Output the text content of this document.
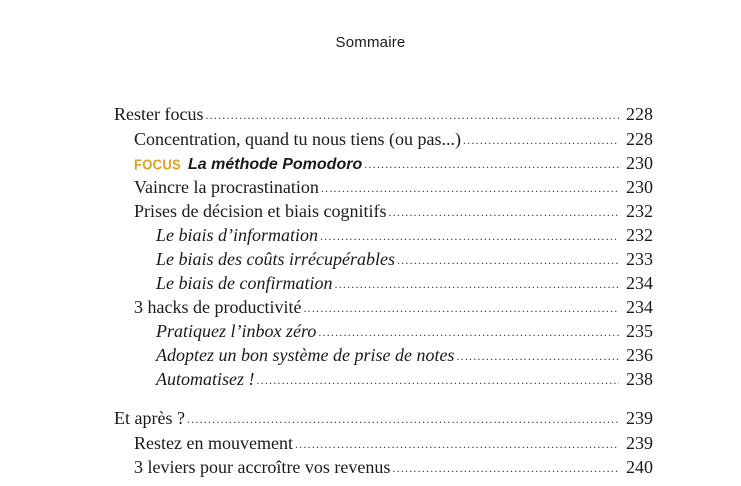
Sommaire
Rester focus .....	228
Concentration, quand tu nous tiens (ou pas...) .....	228
FOCUS La méthode Pomodoro .....	230
Vaincre la procrastination .....	230
Prises de décision et biais cognitifs .....	232
Le biais d’information .....	232
Le biais des coûts irrécupérables .....	233
Le biais de confirmation .....	234
3 hacks de productivité .....	234
Pratiquez l’inbox zéro .....	235
Adoptez un bon système de prise de notes .....	236
Automatisez ! .....	238
Et après ? .....	239
Restez en mouvement .....	239
3 leviers pour accroître vos revenus .....	240
